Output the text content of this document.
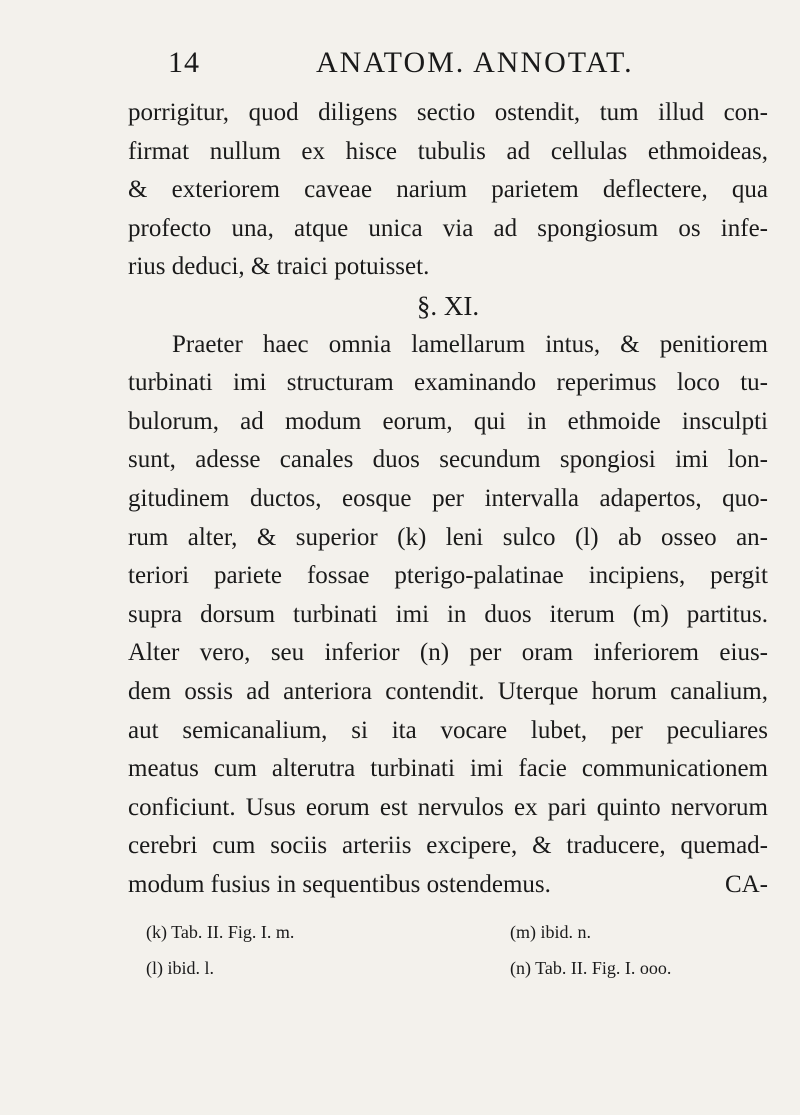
14	ANATOM. ANNOTAT.
porrigitur, quod diligens sectio ostendit, tum illud con-
firmat nullum ex hisce tubulis ad cellulas ethmoideas,
& exteriorem caveae narium parietem deflectere, qua
profecto una, atque unica via ad spongiosum os infe-
rius deduci, & traici potuisset.
§. XI.
Praeter haec omnia lamellarum intus, & penitiorem
turbinati imi structuram examinando reperimus loco tu-
bulorum, ad modum eorum, qui in ethmoide insculpti
sunt, adesse canales duos secundum spongiosi imi lon-
gitudinem ductos, eosque per intervalla adapertos, quo-
rum alter, & superior (k) leni sulco (l) ab osseo an-
teriori pariete fossae pterigo-palatinae incipiens, pergit
supra dorsum turbinati imi in duos iterum (m) partitus.
Alter vero, seu inferior (n) per oram inferiorem eius-
dem ossis ad anteriora contendit. Uterque horum canalium,
aut semicanalium, si ita vocare lubet, per peculiares
meatus cum alterutra turbinati imi facie communicationem
conficiunt. Usus eorum est nervulos ex pari quinto nervorum
cerebri cum sociis arteriis excipere, & traducere, quemad-
modum fusius in sequentibus ostendemus.	CA-
(k) Tab. II. Fig. I. m.	(m) ibid. n.
(l) ibid. l.	(n) Tab. II. Fig. I. ooo.
